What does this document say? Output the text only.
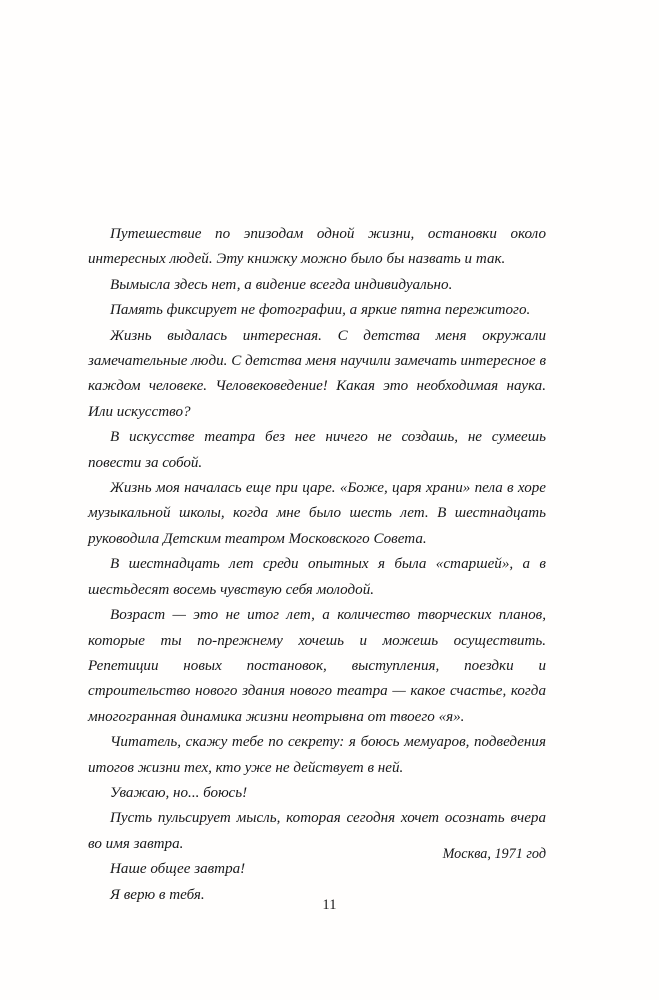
Путешествие по эпизодам одной жизни, остановки около интересных людей. Эту книжку можно было бы назвать и так.

Вымысла здесь нет, а видение всегда индивидуально.

Память фиксирует не фотографии, а яркие пятна пережитого.

Жизнь выдалась интересная. С детства меня окружали замечательные люди. С детства меня научили замечать интересное в каждом человеке. Человековедение! Какая это необходимая наука. Или искусство?

В искусстве театра без нее ничего не создашь, не сумеешь повести за собой.

Жизнь моя началась еще при царе. «Боже, царя храни» пела в хоре музыкальной школы, когда мне было шесть лет. В шестнадцать руководила Детским театром Московского Совета.

В шестнадцать лет среди опытных я была «старшей», а в шестьдесят восемь чувствую себя молодой.

Возраст — это не итог лет, а количество творческих планов, которые ты по-прежнему хочешь и можешь осуществить. Репетиции новых постановок, выступления, поездки и строительство нового здания нового театра — какое счастье, когда многогранная динамика жизни неотрывна от твоего «я».

Читатель, скажу тебе по секрету: я боюсь мемуаров, подведения итогов жизни тех, кто уже не действует в ней.

Уважаю, но... боюсь!

Пусть пульсирует мысль, которая сегодня хочет осознать вчера во имя завтра.

Наше общее завтра!

Я верю в тебя.

Москва, 1971 год
11
